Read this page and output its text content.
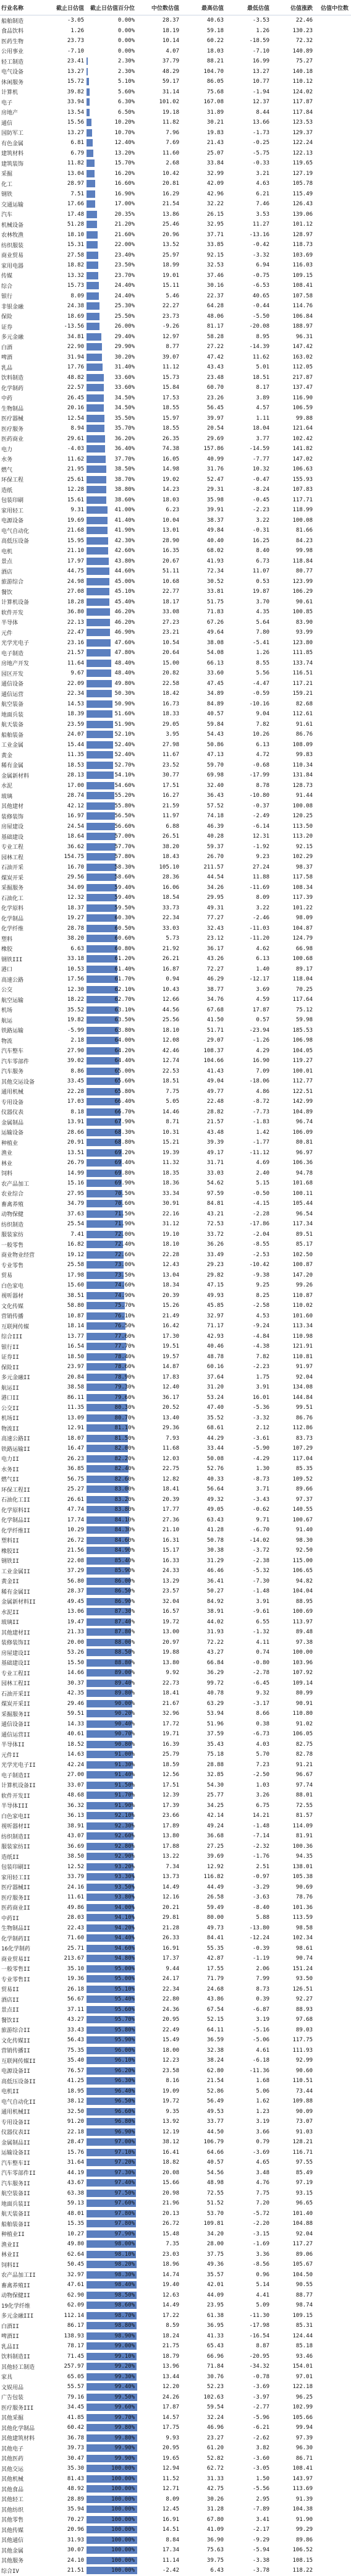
行业名称	截止日估值	截止日估值百分位	中位数估值	最高估值	最低估值	估值涨跌	估值中位数
船舶制造	-3.05	0.00%	28.37	40.63	-3.53	22.46
食品饮料	1.26	0.00%	18.19	59.18	1.26	130.23
医药生物	23.73	0.00%	10.14	60.22	-18.59	72.32
公用事业	-7.10	0.00%	4.07	18.03	-7.10	140.89
轻工制造	23.41	2.30%	37.79	88.21	16.99	75.27
电气设备	13.27	2.30%	48.29	104.70	13.27	140.18
休闲服务	15.72	5.10%	59.17	86.05	10.77	110.12
计算机	39.82	5.60%	31.14	75.68	-1.94	124.02
电子	33.94	6.30%	101.02	167.08	12.37	117.87
房地产	13.54	6.50%	19.18	31.89	8.44	117.84
通信	15.56	10.20%	11.82	30.21	13.66	123.53
国防军工	13.27	10.70%	7.96	19.83	-1.73	129.37
有色金属	6.81	12.40%	7.69	21.43	-0.25	122.24
建筑材料	6.79	13.20%	11.60	25.07	-5.75	122.13
建筑装饰	11.82	15.70%	2.68	33.84	-0.33	119.65
采掘	13.04	16.20%	10.42	32.99	3.21	127.19
化工	28.97	16.60%	20.81	42.09	4.63	105.78
钢铁	7.51	16.90%	16.29	42.96	6.21	115.49
交通运输	17.66	17.00%	21.54	32.22	7.46	126.43
汽车	17.48	20.35%	13.86	26.15	3.53	139.06
机械设备	51.28	21.20%	25.46	32.95	11.27	101.12
农林牧渔	18.10	21.60%	20.96	37.71	-13.16	128.97
纺织服装	15.31	22.00%	13.52	33.85	-0.42	118.73
商业贸易	27.58	23.40%	25.97	92.15	-3.32	103.69
家用电器	18.82	23.50%	18.99	32.53	6.94	116.03
传媒	13.32	23.70%	19.01	37.46	-0.75	109.15
综合	15.73	24.40%	15.11	30.16	-6.53	108.41
银行	8.09	24.40%	5.46	22.37	40.65	107.58
非银金融	24.38	25.30%	22.27	64.28	-0.44	114.76
保险	18.69	25.50%	23.73	48.06	-5.50	106.84
证券	-13.56	26.00%	-9.26	81.17	-20.08	188.97
多元金融	34.81	29.40%	12.97	58.28	8.95	96.31
白酒	22.90	29.90%	8.77	27.22	-14.39	147.42
啤酒	31.94	30.20%	39.07	47.42	11.62	163.02
乳品	17.76	31.40%	11.12	43.43	5.01	112.05
饮料制造	48.82	33.60%	15.73	23.48	18.51	217.87
化学制药	22.57	33.60%	15.84	60.70	8.17	137.47
中药	26.45	34.50%	17.53	23.26	3.89	116.90
生物制品	20.16	34.50%	18.55	56.45	4.57	106.59
医疗器械	12.54	35.50%	15.97	39.97	1.11	99.88
医疗服务	8.94	35.70%	18.55	20.54	18.04	121.64
医药商业	29.61	36.20%	26.35	29.69	3.77	102.42
电力	-4.03	36.40%	74.38	157.86	-14.59	141.82
水务	11.62	37.70%	16.05	40.99	-7.77	147.02
燃气	21.95	38.50%	14.98	31.76	10.32	106.63
环保工程	25.61	38.70%	19.02	52.47	-0.47	155.93
造纸	12.28	38.80%	14.23	29.31	-8.24	107.83
包装印刷	15.61	38.60%	18.03	35.98	-0.45	117.71
家用轻工	9.31	41.00%	6.23	39.91	-2.23	118.99
电源设备	19.69	41.40%	10.04	38.37	3.22	100.08
电气自动化	21.68	41.90%	13.01	49.84	-0.31	81.66
高低压设备	15.95	42.30%	28.90	40.40	16.25	84.23
电机	21.10	42.60%	16.35	68.02	8.40	99.98
景点	17.97	43.80%	20.67	41.93	6.73	118.84
酒店	44.75	44.60%	51.11	72.34	11.07	80.77
旅游综合	24.98	45.00%	10.68	30.52	0.53	123.99
餐饮	27.08	45.10%	22.77	33.81	19.87	106.29
计算机设备	18.28	45.40%	18.17	51.75	3.70	90.61
软件开发	36.80	46.20%	33.08	71.83	4.35	100.85
半导体	22.13	46.20%	27.23	67.26	5.64	83.90
元件	22.47	46.90%	23.21	49.64	7.80	93.99
光学光电子	23.16	47.60%	10.54	38.08	-5.41	123.80
电子制造	21.57	47.80%	20.64	54.08	1.26	111.85
房地产开发	11.64	48.40%	15.00	66.13	8.55	133.74
园区开发	9.67	48.40%	20.82	33.60	5.56	116.51
通信设备	22.09	49.80%	22.58	47.45	-4.47	117.21
通信运营	22.34	50.30%	18.42	34.89	-0.59	159.21
航空装备	14.53	50.90%	16.73	84.89	-10.16	82.68
地面兵装	18.39	51.60%	18.33	40.57	9.04	112.61
航天装备	23.59	51.90%	29.05	59.84	7.82	91.61
船舶装备	24.07	52.10%	3.95	54.43	10.26	86.76
工业金属	15.44	52.40%	27.98	50.86	6.13	108.09
黄金	11.35	52.40%	11.67	47.13	4.72	99.83
稀有金属	18.53	52.70%	23.52	59.70	-0.68	110.34
金属新材料	28.13	54.10%	30.77	69.98	-17.99	131.84
水泥	17.00	54.60%	17.51	32.40	8.78	128.73
玻璃	28.74	55.20%	16.27	36.43	-10.80	91.44
其他建材	42.12	55.80%	21.59	57.52	-0.37	100.08
装修装饰	16.97	56.50%	11.97	74.18	-2.49	120.25
房屋建设	24.54	56.60%	6.88	46.39	-6.14	113.50
基础建设	18.64	57.00%	26.51	40.28	12.31	113.20
专业工程	36.62	57.70%	38.20	59.37	-1.92	92.15
园林工程	154.75	57.80%	18.43	26.70	9.23	102.29
石油开采	16.70	58.30%	105.10	211.57	27.24	98.37
煤炭开采	29.56	58.60%	28.36	44.54	11.88	117.58
采掘服务	34.09	59.40%	16.06	34.26	-11.69	108.34
石油化工	12.32	59.40%	18.54	29.95	8.09	117.39
化学原料	18.37	59.50%	33.73	49.31	3.22	101.22
化学制品	19.27	60.30%	22.34	77.27	-2.46	98.09
化学纤维	28.78	60.50%	33.03	32.43	-11.03	104.87
塑料	38.20	60.60%	5.73	23.12	-11.20	124.79
橡胶	6.63	60.80%	21.92	36.17	4.62	66.98
钢铁III	33.18	61.20%	26.21	43.26	6.13	100.68
港口	10.53	61.40%	16.87	72.27	1.40	89.17
高速公路	17.56	61.70%	0.94	46.29	-12.17	118.04
公交	12.30	62.10%	10.43	38.77	3.69	70.25
航空运输	18.22	62.70%	12.66	34.76	4.59	117.64
机场	35.52	63.10%	44.56	67.68	17.87	75.12
航运	19.82	63.50%	25.56	41.50	0.57	59.98
铁路运输	-5.99	63.80%	18.10	51.71	-23.94	185.53
物流	2.18	64.00%	12.08	29.07	-1.26	106.98
汽车整车	27.90	64.20%	42.46	108.37	4.29	104.05
汽车零部件	39.02	64.40%	12.74	104.66	16.90	119.27
汽车服务	8.86	65.00%	22.53	41.43	7.09	100.01
其他交运设备	33.45	65.60%	18.51	49.04	-18.06	112.77
通用机械	22.28	65.80%	7.75	49.77	4.86	122.51
专用设备	17.03	66.40%	5.05	22.48	-8.72	142.99
仪器仪表	8.18	66.70%	14.46	28.82	-7.73	104.89
金属制品	13.91	67.90%	8.71	21.57	-1.83	96.74
运输设备	28.66	68.30%	10.31	43.48	1.42	106.09
种植业	20.91	68.80%	15.21	39.39	-1.77	80.81
渔业	13.51	69.20%	19.39	49.17	-11.12	96.97
林业	26.79	69.40%	11.32	31.71	4.69	106.36
饲料	14.99	69.80%	18.35	33.03	2.40	94.78
农产品加工	15.16	69.90%	18.36	54.62	5.15	101.68
农业综合	27.95	70.50%	33.34	97.59	-0.50	100.11
畜禽养殖	34.79	70.60%	30.91	84.81	-4.15	105.44
动物保健	37.63	71.50%	22.16	43.21	-2.28	96.54
纺织制造	25.54	71.90%	31.12	72.53	-17.86	117.34
服装家纺	7.41	72.00%	19.10	33.72	-2.04	89.51
一般零售	16.82	72.40%	18.10	36.26	-8.55	85.17
商业物业经营	19.12	72.60%	22.28	33.49	-2.53	102.50
专业零售	25.58	73.00%	12.43	29.23	-10.42	100.87
贸易	17.98	73.50%	13.04	29.82	-9.38	147.20
白色家电	15.60	74.60%	18.34	47.15	9.25	99.26
视听器材	38.51	74.90%	20.39	49.93	8.25	110.87
文化传媒	58.80	75.70%	15.26	45.85	-2.58	110.02
营销传播	10.87	76.10%	21.49	32.97	4.53	101.60
互联网传媒	18.14	76.50%	16.42	71.17	-9.24	113.34
综合III	13.77	77.60%	17.30	42.93	-4.84	110.98
银行II	16.54	77.70%	19.51	40.46	-4.38	121.91
证券II	18.50	78.40%	19.57	48.78	7.82	110.81
保险II	23.97	78.60%	14.87	60.16	-2.23	91.97
多元金融II	20.84	78.90%	17.83	37.64	1.75	92.04
航运II	38.58	79.30%	12.40	31.20	3.91	134.08
港口II	86.11	79.60%	36.17	53.24	16.01	144.84
公交II	11.35	80.30%	20.52	47.40	-5.36	99.51
机场II	13.09	80.70%	13.40	35.52	-3.32	86.76
物流II	12.91	81.10%	29.36	68.61	2.12	112.86
高速公路II	18.07	81.50%	7.93	44.29	-3.61	83.73
铁路运输II	16.47	82.00%	11.68	33.44	-5.90	107.29
电力II	26.23	82.20%	12.03	50.08	-4.29	117.04
水务II	36.85	82.40%	22.75	52.76	1.30	85.35
燃气II	56.75	82.60%	12.82	40.33	-8.73	109.52
环保工程II	25.27	83.00%	18.41	56.64	3.71	89.66
石油化工II	26.61	83.20%	20.39	49.32	-3.43	97.37
化学原料II	47.74	83.80%	17.77	49.05	-0.62	140.55
化学制品II	17.74	84.10%	27.36	63.43	9.71	100.67
化学纤维II	10.29	84.30%	21.10	41.28	-6.70	91.40
塑料II	26.72	84.60%	16.31	50.78	-14.02	98.30
橡胶II	21.56	84.90%	15.17	30.38	-3.72	92.50
钢铁II	22.08	85.40%	16.33	31.29	-2.38	115.00
工业金属II	37.29	85.90%	24.33	46.46	-5.32	106.65
黄金II	56.80	86.00%	13.29	36.41	-7.30	94.82
稀有金属II	28.37	86.50%	23.57	50.27	-1.48	104.04
金属新材料II	49.45	86.90%	32.04	84.92	3.91	88.95
水泥II	13.06	87.30%	16.57	38.91	-9.61	100.69
玻璃II	19.47	87.40%	19.72	44.02	6.55	113.97
其他建材II	21.33	87.80%	13.00	31.93	-1.32	89.48
装修装饰II	20.00	88.00%	20.97	72.22	4.11	97.38
房屋建设II	53.26	88.50%	19.88	43.27	0.74	100.00
基础建设II	15.50	88.80%	13.80	66.84	-0.80	103.96
专业工程II	14.66	89.00%	9.92	36.29	-2.78	107.92
园林工程II	30.37	89.40%	22.73	99.72	-6.45	109.14
石油开采II	42.35	89.80%	18.41	40.78	9.32	80.99
煤炭开采II	29.46	90.00%	21.67	63.29	-3.17	90.91
采掘服务II	59.51	90.20%	32.96	53.94	8.66	110.80
通信设备II	14.33	90.40%	17.72	51.96	0.38	91.02
通信运营II	40.61	90.70%	19.71	37.59	-6.73	106.05
半导体II	18.52	90.80%	16.39	35.43	4.03	82.75
元件II	14.63	91.00%	25.79	75.18	5.70	82.78
光学光电子II	42.24	91.30%	18.59	28.88	7.23	91.21
电子制造II	27.00	91.40%	12.56	32.85	-2.50	96.67
计算机设备II	33.07	91.50%	17.51	54.30	1.03	97.74
软件开发II	48.68	91.70%	12.39	25.77	3.26	88.01
半导体III	36.32	91.90%	17.39	34.25	6.75	72.55
白色家电II	36.13	92.10%	23.66	42.14	14.21	81.57
视听器材II	38.91	92.30%	17.89	49.24	-1.48	114.09
纺织制造II	43.07	92.60%	13.80	36.68	-7.14	81.91
服装家纺II	36.69	92.80%	17.88	27.25	-2.32	100.36
造纸II	38.50	92.90%	13.22	39.69	-1.76	94.35
包装印刷II	12.52	93.20%	7.34	12.92	2.51	138.01
家用轻工II	33.79	93.30%	13.73	116.82	-0.97	105.38
医疗器械II	24.16	93.50%	14.49	44.49	-3.29	90.69
医疗服务II	11.61	93.80%	12.16	26.58	-3.63	78.76
医药商业II	49.86	94.00%	20.21	59.49	-8.40	101.36
中药II	28.03	94.10%	29.81	80.00	5.88	113.59
生物制品II	22.43	94.20%	21.28	49.73	-13.80	98.58
化学制药II	71.60	94.40%	26.33	84.41	-12.24	102.34
16化学制药	25.71	94.60%	16.91	55.35	-0.39	98.61
商业贸易II	213.67	94.80%	17.37	42.87	-1.19	90.74
一般零售II	35.10	95.00%	9.44	17.55	2.06	151.24
专业零售II	19.36	95.00%	24.17	71.79	7.99	93.50
贸易II	26.18	95.10%	22.34	24.68	8.73	126.51
酒店II	56.67	95.40%	22.80	43.86	0.39	92.27
景点II	37.11	95.60%	24.36	67.54	-6.87	88.93
餐饮II	43.27	95.70%	20.95	52.15	3.19	97.68
旅游综合II	33.43	95.80%	22.49	64.11	-5.16	89.03
文化传媒II	56.43	95.90%	15.49	36.59	-5.06	117.75
营销传播II	75.35	96.00%	18.00	32.38	4.61	111.93
互联网传媒II	35.40	96.10%	12.23	38.24	-6.18	92.99
电源设备II	76.57	96.20%	23.58	62.80	-11.36	90.60
高低压设备II	41.25	96.30%	8.16	21.54	1.68	110.51
电机II	18.95	96.40%	19.09	52.86	5.06	73.44
电气自动化II	38.12	96.50%	19.72	56.49	1.62	109.88
通用机械II	32.50	96.60%	9.35	49.53	1.23	90.09
专用设备II	91.20	96.80%	13.92	33.77	3.19	73.07
仪器仪表II	22.18	96.90%	12.19	44.50	3.66	91.03
金属制品II	28.47	97.00%	38.12	106.79	0.79	128.21
运输设备II	15.76	97.10%	16.41	64.66	-3.69	116.71
汽车整车II	31.64	97.20%	18.82	40.57	4.65	97.55
汽车零部件II	44.19	97.30%	20.08	54.56	3.48	85.49
汽车服务II	43.67	97.40%	15.66	48.98	4.76	97.19
航空装备II	63.38	97.50%	20.98	72.55	7.75	93.15
地面兵装II	59.13	97.60%	21.96	51.52	7.20	96.65
航天装备II	48.01	97.80%	20.13	53.70	-5.72	101.40
船舶装备II	15.35	97.80%	26.72	109.81	-2.20	104.88
种植业II	10.27	97.90%	15.48	34.20	-3.15	92.04
渔业II	49.80	98.00%	7.35	28.00	-1.69	117.27
林业II	62.64	98.10%	23.03	37.75	3.36	89.06
饲料II	50.45	98.20%	18.96	49.36	-8.56	105.67
农产品加工II	32.97	98.30%	14.74	35.57	0.96	104.50
畜禽养殖II	47.61	98.40%	19.40	42.01	5.14	90.55
动物保健II	62.90	98.50%	12.63	44.09	4.41	88.77
19化学纤维	62.09	98.60%	14.49	23.95	5.09	98.74
多元金融III	112.14	98.70%	17.22	61.38	-11.30	109.15
白酒II	86.17	98.80%	8.59	36.95	-17.98	85.31
啤酒II	138.93	98.90%	18.24	41.33	-16.54	124.44
乳品II	78.17	99.00%	21.75	65.43	8.87	85.18
饮料制造II	71.45	99.10%	18.79	66.96	-20.95	93.46
其他轻工制造	257.97	99.20%	13.96	71.84	-34.32	154.01
家具	65.05	99.30%	13.44	30.76	-0.78	97.01
文娱用品	55.57	99.40%	12.20	52.23	-3.69	122.18
广告包装	79.16	99.50%	24.26	102.63	-3.97	96.25
医疗服务III	34.45	99.60%	17.87	59.54	-2.77	102.99
其他采掘	41.85	99.70%	14.57	32.24	-5.96	105.66
其他化学制品	60.42	99.80%	17.75	46.96	-6.21	99.94
其他建筑材料	36.78	99.80%	9.93	23.27	-2.62	97.39
其他电子	39.73	99.90%	20.95	61.20	3.82	96.30
其他医药	30.47	99.90%	19.65	52.82	-3.60	86.71
其他交运	35.30	100.00%	12.94	62.72	-3.05	108.41
其他机械	81.43	100.00%	11.52	31.33	1.50	143.97
其他食品	48.92	100.00%	12.71	42.75	-5.56	113.69
其他轻工	28.89	100.00%	8.09	30.26	2.95	91.39
其他纺织	35.94	100.00%	12.45	31.28	-7.89	104.38
其他零售	70.27	100.00%	16.91	67.80	3.41	91.90
其他传媒	20.96	100.00%	14.51	41.09	-2.17	99.29
其他通信	31.93	100.00%	8.84	36.90	-9.29	89.86
其他金属	30.07	100.00%	17.34	75.63	-5.94	106.52
其他服务	24.10	100.00%	11.14	39.75	-3.38	108.15
综合IV	21.51	100.00%	-2.42	6.43	-3.78	118.22
